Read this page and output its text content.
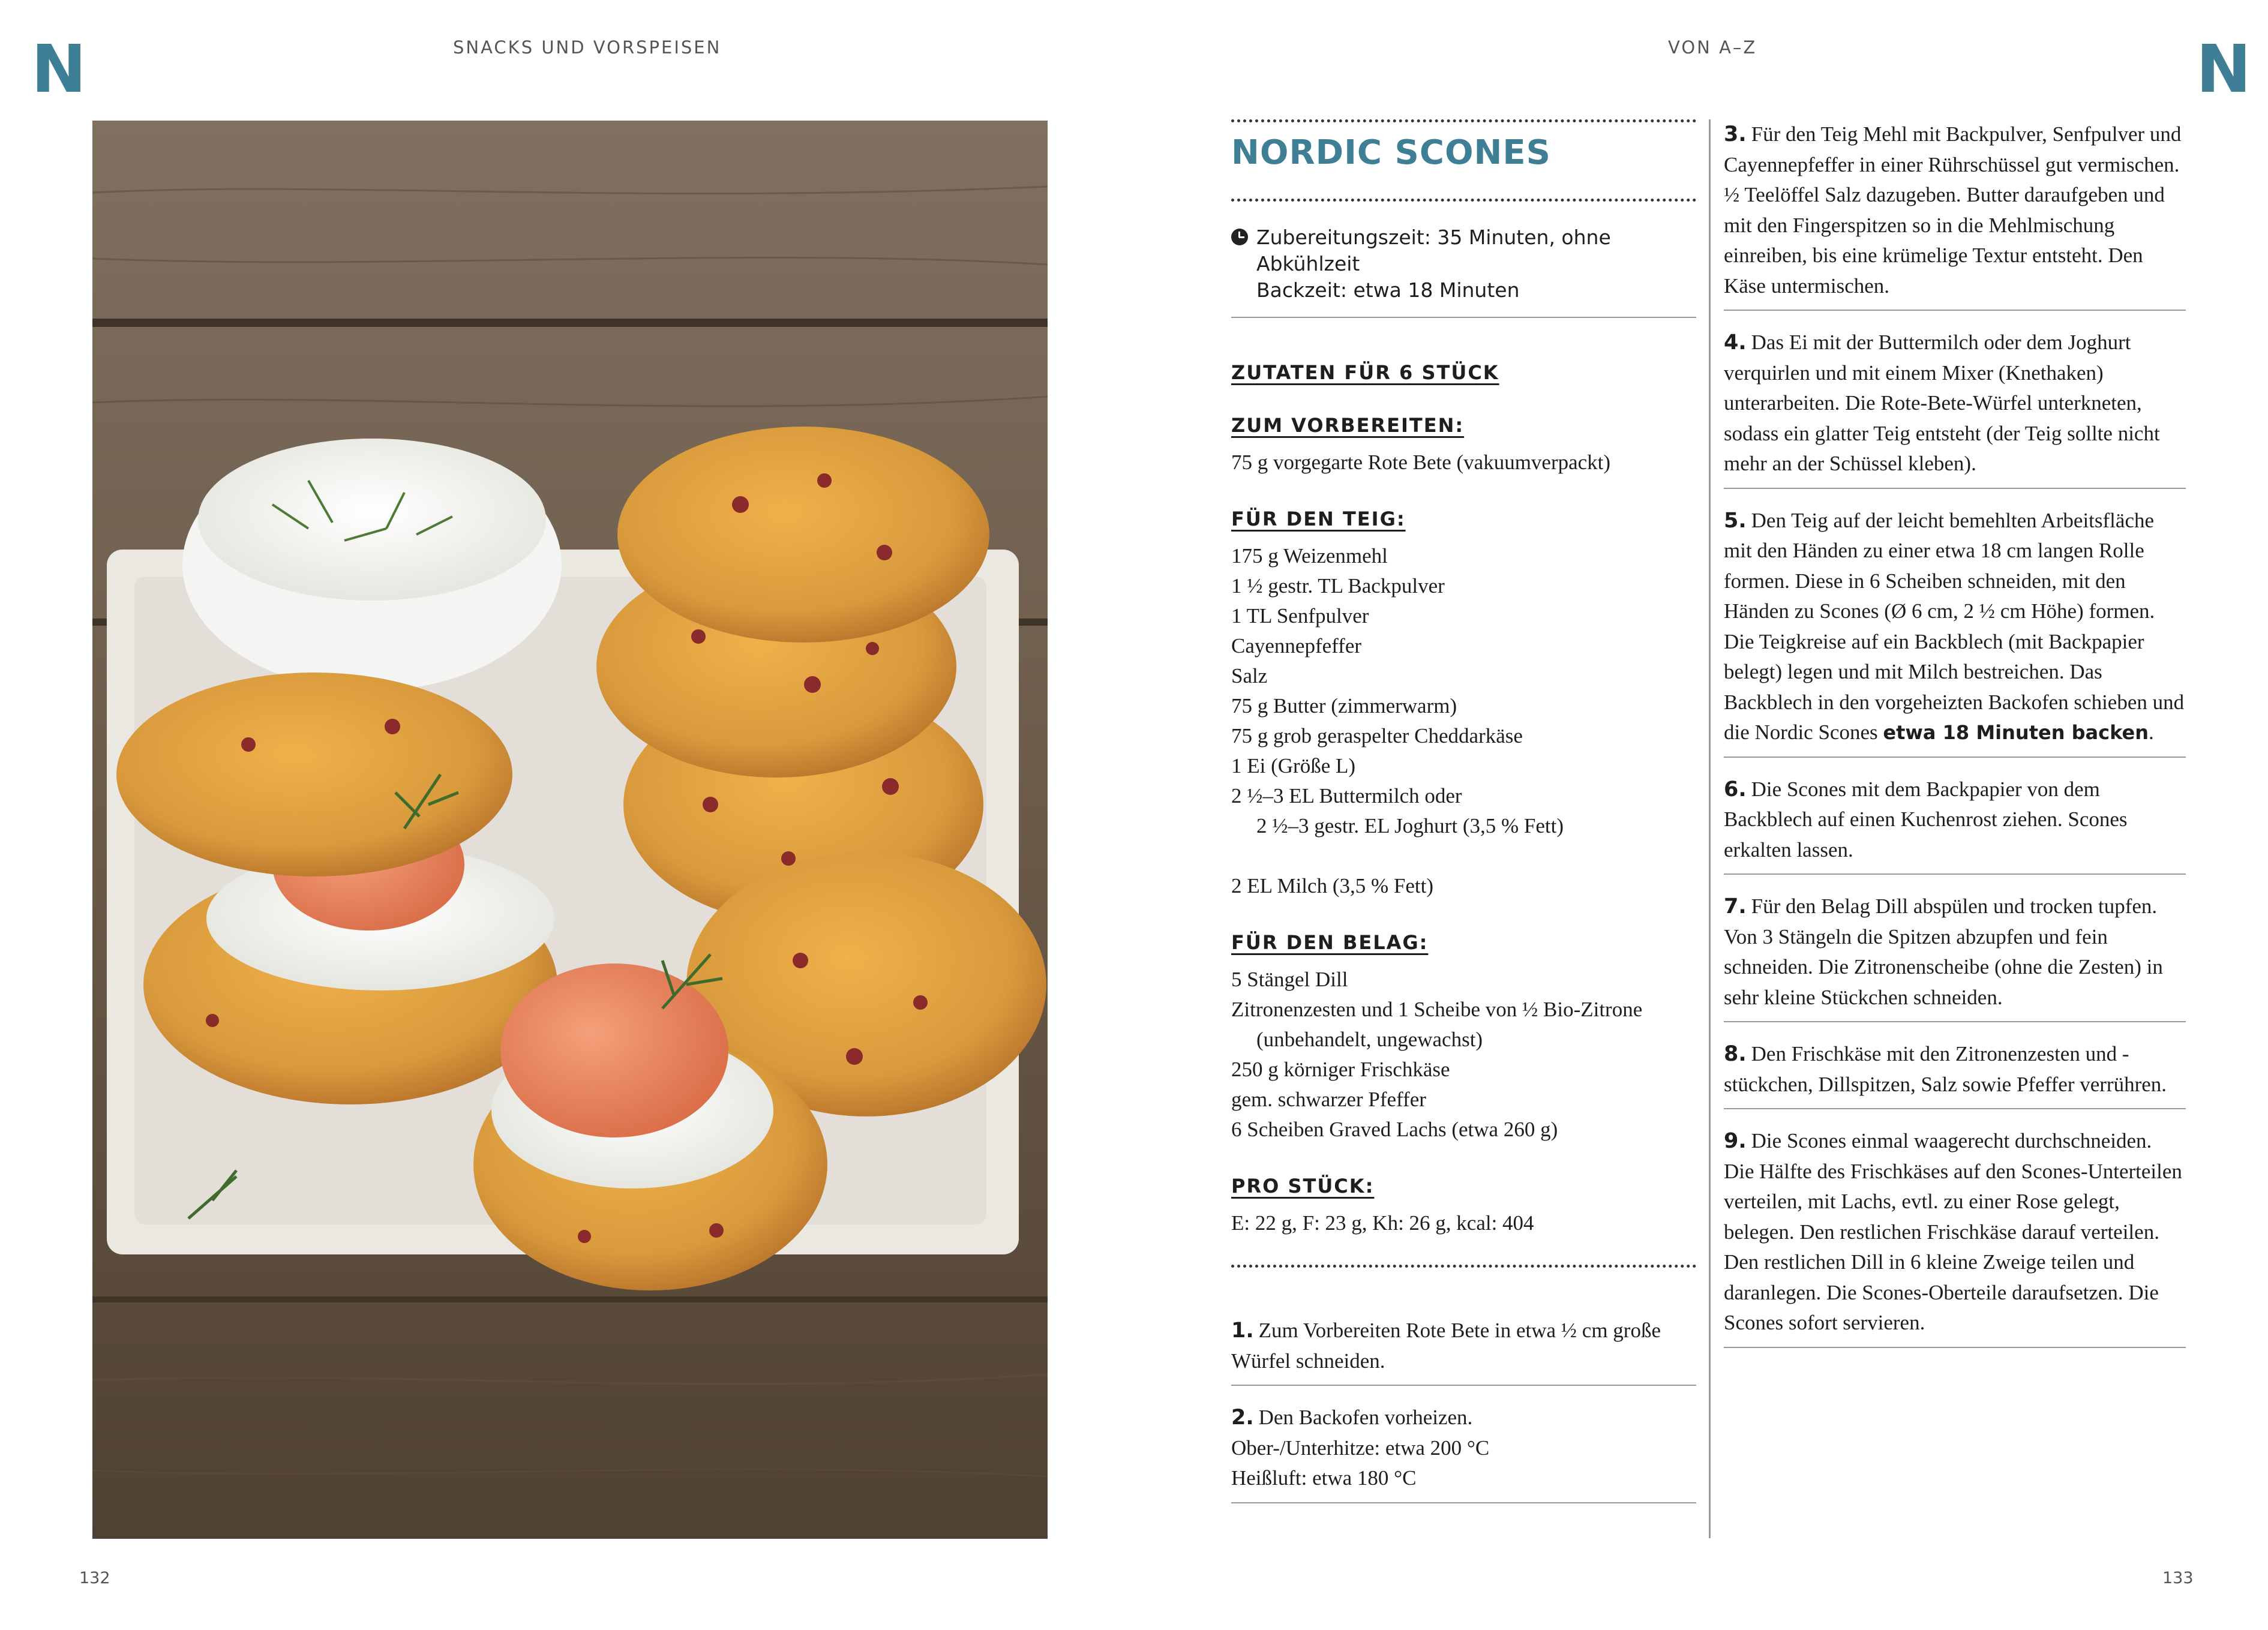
N	N
SNACKS UND VORSPEISEN	VON A–Z
132	133
NORDIC SCONES
Zubereitungszeit: 35 Minuten, ohne Abkühlzeit
Backzeit: etwa 18 Minuten
ZUTATEN FÜR 6 STÜCK
ZUM VORBEREITEN:
75 g vorgegarte Rote Bete (vakuumverpackt)
FÜR DEN TEIG:
175 g Weizenmehl
1 ½ gestr. TL Backpulver
1 TL Senfpulver
Cayennepfeffer
Salz
75 g Butter (zimmerwarm)
75 g grob geraspelter Cheddarkäse
1 Ei (Größe L)
2 ½–3 EL Buttermilch oder
2 ½–3 gestr. EL Joghurt (3,5 % Fett)
2 EL Milch (3,5 % Fett)
FÜR DEN BELAG:
5 Stängel Dill
Zitronenzesten und 1 Scheibe von ½ Bio-Zitrone
(unbehandelt, ungewachst)
250 g körniger Frischkäse
gem. schwarzer Pfeffer
6 Scheiben Graved Lachs (etwa 260 g)
PRO STÜCK:
E: 22 g, F: 23 g, Kh: 26 g, kcal: 404
1. Zum Vorbereiten Rote Bete in etwa ½ cm große Würfel schneiden.
2. Den Backofen vorheizen.
Ober-/Unterhitze: etwa 200 °C
Heißluft: etwa 180 °C
3. Für den Teig Mehl mit Backpulver, Senfpulver und Cayennepfeffer in einer Rührschüssel gut vermischen. ½ Teelöffel Salz dazugeben. Butter daraufgeben und mit den Fingerspitzen so in die Mehlmischung einreiben, bis eine krümelige Textur entsteht. Den Käse untermischen.
4. Das Ei mit der Buttermilch oder dem Joghurt verquirlen und mit einem Mixer (Knethaken) unterarbeiten. Die Rote-Bete-Würfel unterkneten, sodass ein glatter Teig entsteht (der Teig sollte nicht mehr an der Schüssel kleben).
5. Den Teig auf der leicht bemehlten Arbeitsfläche mit den Händen zu einer etwa 18 cm langen Rolle formen. Diese in 6 Scheiben schneiden, mit den Händen zu Scones (Ø 6 cm, 2 ½ cm Höhe) formen. Die Teigkreise auf ein Backblech (mit Backpapier belegt) legen und mit Milch bestreichen. Das Backblech in den vorgeheizten Backofen schieben und die Nordic Scones etwa 18 Minuten backen.
6. Die Scones mit dem Backpapier von dem Backblech auf einen Kuchenrost ziehen. Scones erkalten lassen.
7. Für den Belag Dill abspülen und trocken tupfen. Von 3 Stängeln die Spitzen abzupfen und fein schneiden. Die Zitronenscheibe (ohne die Zesten) in sehr kleine Stückchen schneiden.
8. Den Frischkäse mit den Zitronenzesten und -stückchen, Dillspitzen, Salz sowie Pfeffer verrühren.
9. Die Scones einmal waagerecht durchschneiden. Die Hälfte des Frischkäses auf den Scones-Unterteilen verteilen, mit Lachs, evtl. zu einer Rose gelegt, belegen. Den restlichen Frischkäse darauf verteilen. Den restlichen Dill in 6 kleine Zweige teilen und daranlegen. Die Scones-Oberteile daraufsetzen. Die Scones sofort servieren.
